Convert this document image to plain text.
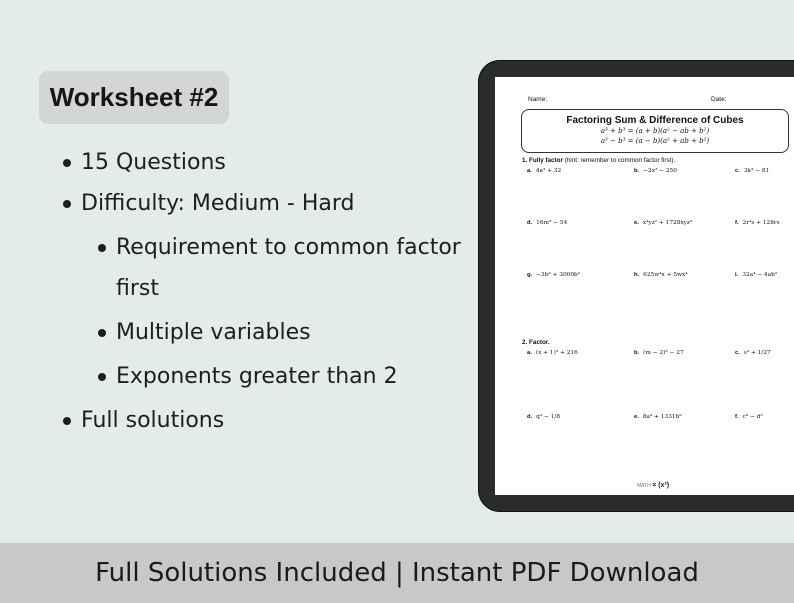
Worksheet #2
15 Questions
Difficulty: Medium - Hard
Requirement to common factor first
Multiple variables
Exponents greater than 2
Full solutions
Name:	Date:
Factoring Sum & Difference of Cubes
a³ + b³ = (a + b)(a² − ab + b²)
a³ − b³ = (a − b)(a² + ab + b²)
1. Fully factor (hint: remember to common factor first).
a. 4a³ + 32	b. −2x³ − 250	c. 3k³ − 81
d. 16m³ − 54	e. x⁴yz² + 1728xyz²	f. 2r⁴s + 128rs
g. −3b³ + 3000b²	h. 625w⁴x + 5wx⁴	i. 32a⁴ − 4ab³
2. Factor.
a. (x + 1)³ + 216	b. (m − 2)³ − 27	c. s³ + 1/27
d. q³ − 1/8	e. 8a⁹ + 1331b⁹	f. c⁹ − d³
MATH × (x²)
Full Solutions Included | Instant PDF Download
